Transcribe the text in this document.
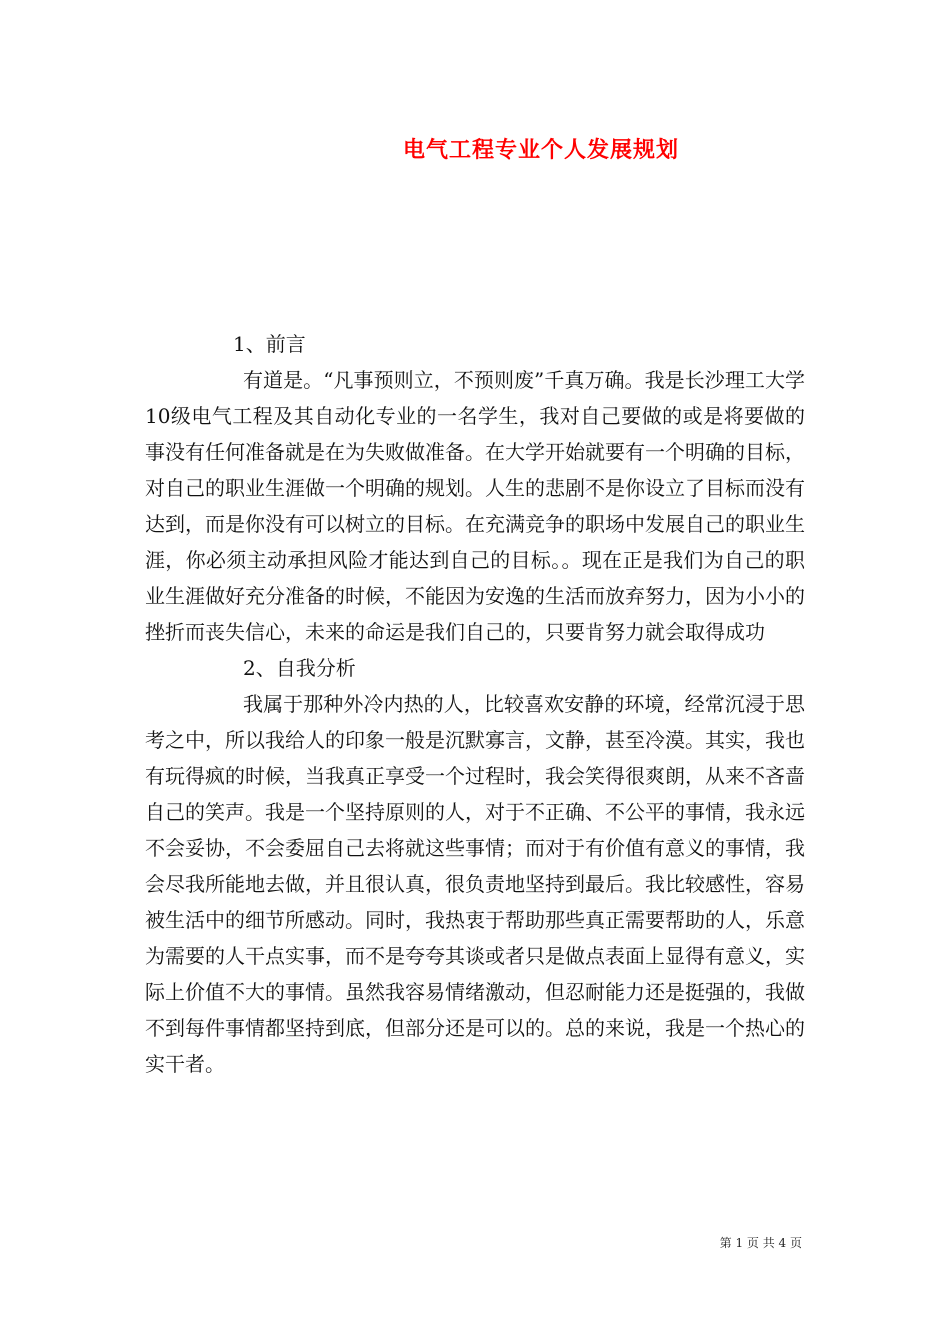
电气工程专业个人发展规划
1、前言

有道是。“凡事预则立，不预则废”千真万确。我是长沙理工大学10级电气工程及其自动化专业的一名学生，我对自己要做的或是将要做的事没有任何准备就是在为失败做准备。在大学开始就要有一个明确的目标，对自己的职业生涯做一个明确的规划。人生的悲剧不是你设立了目标而没有达到，而是你没有可以树立的目标。在充满竞争的职场中发展自己的职业生涯，你必须主动承担风险才能达到自己的目标。。现在正是我们为自己的职业生涯做好充分准备的时候，不能因为安逸的生活而放弃努力，因为小小的挫折而丧失信心，未来的命运是我们自己的，只要肯努力就会取得成功

2、自我分析

我属于那种外冷内热的人，比较喜欢安静的环境，经常沉浸于思考之中，所以我给人的印象一般是沉默寡言，文静，甚至冷漠。其实，我也有玩得疯的时候，当我真正享受一个过程时，我会笑得很爽朗，从来不吝啬自己的笑声。我是一个坚持原则的人，对于不正确、不公平的事情，我永远不会妥协，不会委屈自己去将就这些事情；而对于有价值有意义的事情，我会尽我所能地去做，并且很认真，很负责地坚持到最后。我比较感性，容易被生活中的细节所感动。同时，我热衷于帮助那些真正需要帮助的人，乐意为需要的人干点实事，而不是夸夸其谈或者只是做点表面上显得有意义，实际上价值不大的事情。虽然我容易情绪激动，但忍耐能力还是挺强的，我做不到每件事情都坚持到底，但部分还是可以的。总的来说，我是一个热心的实干者。

第 1 页 共 4 页
